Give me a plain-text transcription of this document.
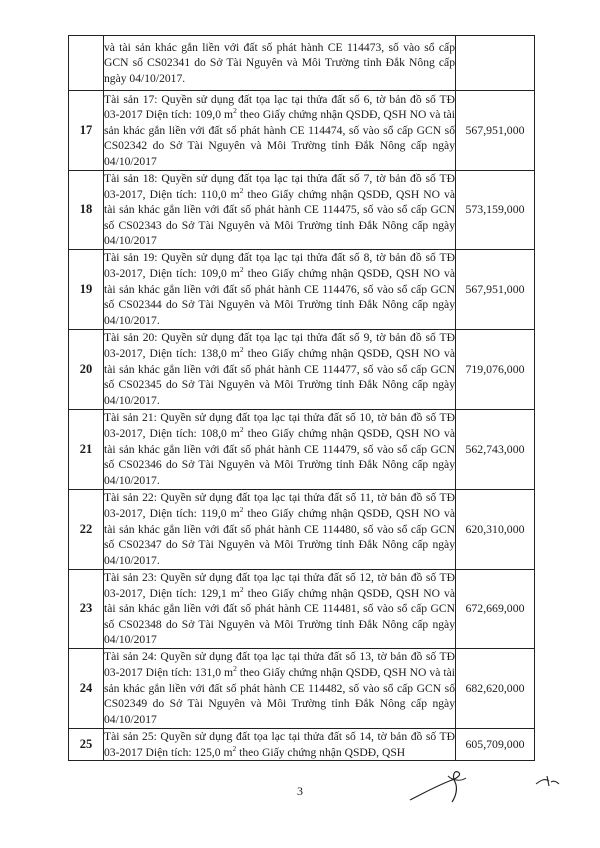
	và tài sản khác gắn liền với đất số phát hành CE 114473, số vào sổ cấp GCN số CS02341 do Sở Tài Nguyên và Môi Trường tỉnh Đắk Nông cấp ngày 04/10/2017.	
17	Tài sản 17: Quyền sử dụng đất tọa lạc tại thửa đất số 6, tờ bản đồ số TĐ 03-2017 Diện tích: 109,0 $m^2$ theo Giấy chứng nhận QSDĐ, QSH NO và tài sản khác gắn liền với đất số phát hành CE 114474, số vào sổ cấp GCN số CS02342 do Sở Tài Nguyên và Môi Trường tỉnh Đắk Nông cấp ngày 04/10/2017	567,951,000
18	Tài sản 18: Quyền sử dụng đất tọa lạc tại thửa đất số 7, tờ bản đồ số TĐ 03-2017, Diện tích: 110,0 $m^2$ theo Giấy chứng nhận QSDĐ, QSH NO và tài sản khác gắn liền với đất số phát hành CE 114475, số vào sổ cấp GCN số CS02343 do Sở Tài Nguyên và Môi Trường tỉnh Đắk Nông cấp ngày 04/10/2017	573,159,000
19	Tài sản 19: Quyền sử dụng đất tọa lạc tại thửa đất số 8, tờ bản đồ số TĐ 03-2017, Diện tích: 109,0 $m^2$ theo Giấy chứng nhận QSDĐ, QSH NO và tài sản khác gắn liền với đất số phát hành CE 114476, số vào sổ cấp GCN số CS02344 do Sở Tài Nguyên và Môi Trường tỉnh Đắk Nông cấp ngày 04/10/2017.	567,951,000
20	Tài sản 20: Quyền sử dụng đất tọa lạc tại thửa đất số 9, tờ bản đồ số TĐ 03-2017, Diện tích: 138,0 $m^2$ theo Giấy chứng nhận QSDĐ, QSH NO và tài sản khác gắn liền với đất số phát hành CE 114477, số vào sổ cấp GCN số CS02345 do Sở Tài Nguyên và Môi Trường tỉnh Đắk Nông cấp ngày 04/10/2017.	719,076,000
21	Tài sản 21: Quyền sử dụng đất tọa lạc tại thửa đất số 10, tờ bản đồ số TĐ 03-2017, Diện tích: 108,0 $m^2$ theo Giấy chứng nhận QSDĐ, QSH NO và tài sản khác gắn liền với đất số phát hành CE 114479, số vào sổ cấp GCN số CS02346 do Sở Tài Nguyên và Môi Trường tỉnh Đắk Nông cấp ngày 04/10/2017.	562,743,000
22	Tài sản 22: Quyền sử dụng đất tọa lạc tại thửa đất số 11, tờ bản đồ số TĐ 03-2017, Diện tích: 119,0 $m^2$ theo Giấy chứng nhận QSDĐ, QSH NO và tài sản khác gắn liền với đất số phát hành CE 114480, số vào sổ cấp GCN số CS02347 do Sở Tài Nguyên và Môi Trường tỉnh Đắk Nông cấp ngày 04/10/2017.	620,310,000
23	Tài sản 23: Quyền sử dụng đất tọa lạc tại thửa đất số 12, tờ bản đồ số TĐ 03-2017, Diện tích: 129,1 $m^2$ theo Giấy chứng nhận QSDĐ, QSH NO và tài sản khác gắn liền với đất số phát hành CE 114481, số vào sổ cấp GCN số CS02348 do Sở Tài Nguyên và Môi Trường tỉnh Đắk Nông cấp ngày 04/10/2017	672,669,000
24	Tài sản 24: Quyền sử dụng đất tọa lạc tại thửa đất số 13, tờ bản đồ số TĐ 03-2017 Diện tích: 131,0 $m^2$ theo Giấy chứng nhận QSDĐ, QSH NO và tài sản khác gắn liền với đất số phát hành CE 114482, số vào sổ cấp GCN số CS02349 do Sở Tài Nguyên và Môi Trường tỉnh Đắk Nông cấp ngày 04/10/2017	682,620,000
25	Tài sản 25: Quyền sử dụng đất tọa lạc tại thửa đất số 14, tờ bản đồ số TĐ 03-2017 Diện tích: 125,0 $m^2$ theo Giấy chứng nhận QSDĐ, QSH	605,709,000
3
